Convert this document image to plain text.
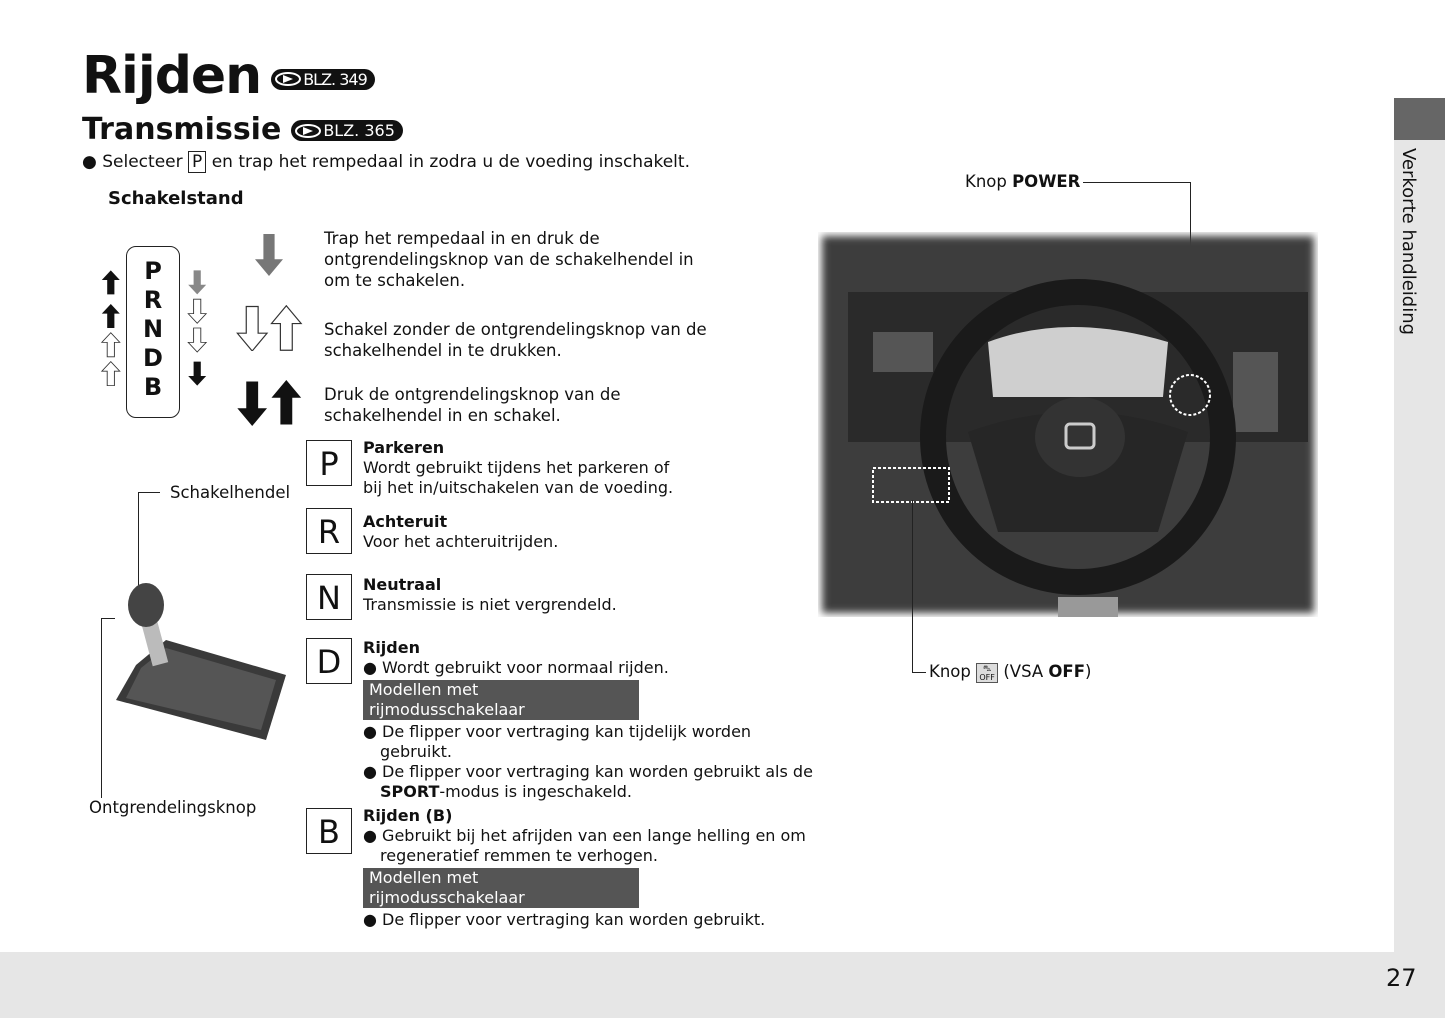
Rijden	BLZ. 349
Transmissie	BLZ. 365
● Selecteer P en trap het rempedaal in zodra u de voeding inschakelt.
Schakelstand
P
R
N
D
B
Trap het rempedaal in en druk de ontgrendelingsknop van de schakelhendel in om te schakelen.
Schakel zonder de ontgrendelingsknop van de schakelhendel in te drukken.
Druk de ontgrendelingsknop van de schakelhendel in en schakel.
Schakelhendel
Ontgrendelingsknop
P	Parkeren
Wordt gebruikt tijdens het parkeren of bij het in/uitschakelen van de voeding.
R	Achteruit
Voor het achteruitrijden.
N	Neutraal
Transmissie is niet vergrendeld.
D	Rijden
● Wordt gebruikt voor normaal rijden.
Modellen met rijmodusschakelaar
● De flipper voor vertraging kan tijdelijk worden gebruikt.
● De flipper voor vertraging kan worden gebruikt als de SPORT-modus is ingeschakeld.
B	Rijden (B)
● Gebruikt bij het afrijden van een lange helling en om regeneratief remmen te verhogen.
Modellen met rijmodusschakelaar
● De flipper voor vertraging kan worden gebruikt.
Knop POWER
Knop ⛍
OFF (VSA OFF)
Verkorte handleiding
27
